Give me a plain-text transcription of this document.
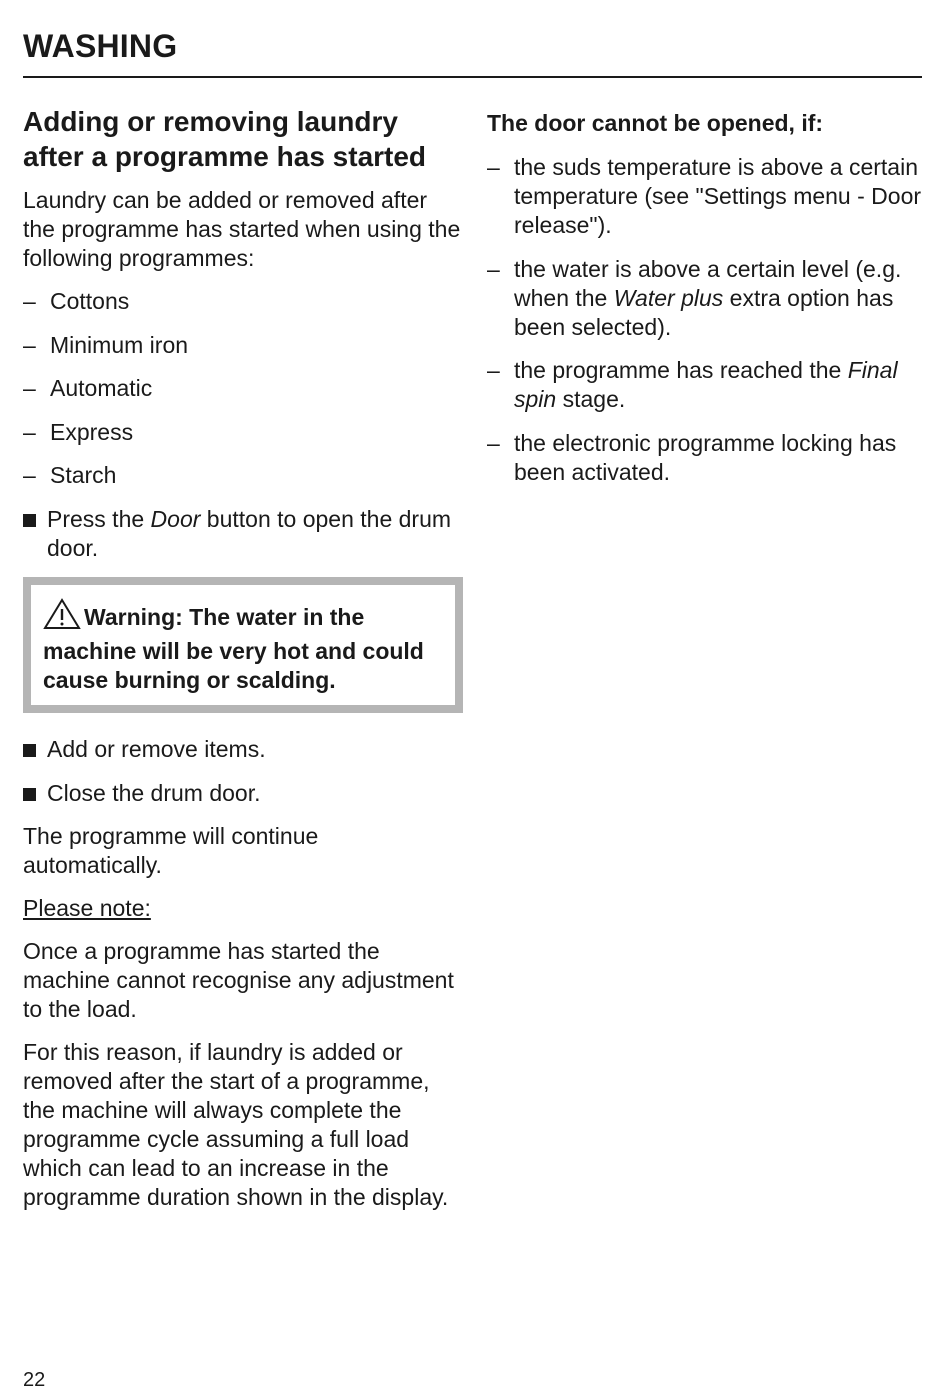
WASHING
Adding or removing laundry after a programme has started

Laundry can be added or removed after the programme has started when using the following programmes:

– Cottons
– Minimum iron
– Automatic
– Express
– Starch
Press the Door button to open the drum door.
Warning: The water in the machine will be very hot and could cause burning or scalding.
Add or remove items.
Close the drum door.

The programme will continue automatically.

Please note:

Once a programme has started the machine cannot recognise any adjustment to the load.

For this reason, if laundry is added or removed after the start of a programme, the machine will always complete the programme cycle assuming a full load which can lead to an increase in the programme duration shown in the display.

The door cannot be opened, if:
– the suds temperature is above a certain temperature (see "Settings menu - Door release").
– the water is above a certain level (e.g. when the Water plus extra option has been selected).
– the programme has reached the Final spin stage.
– the electronic programme locking has been activated.
22
